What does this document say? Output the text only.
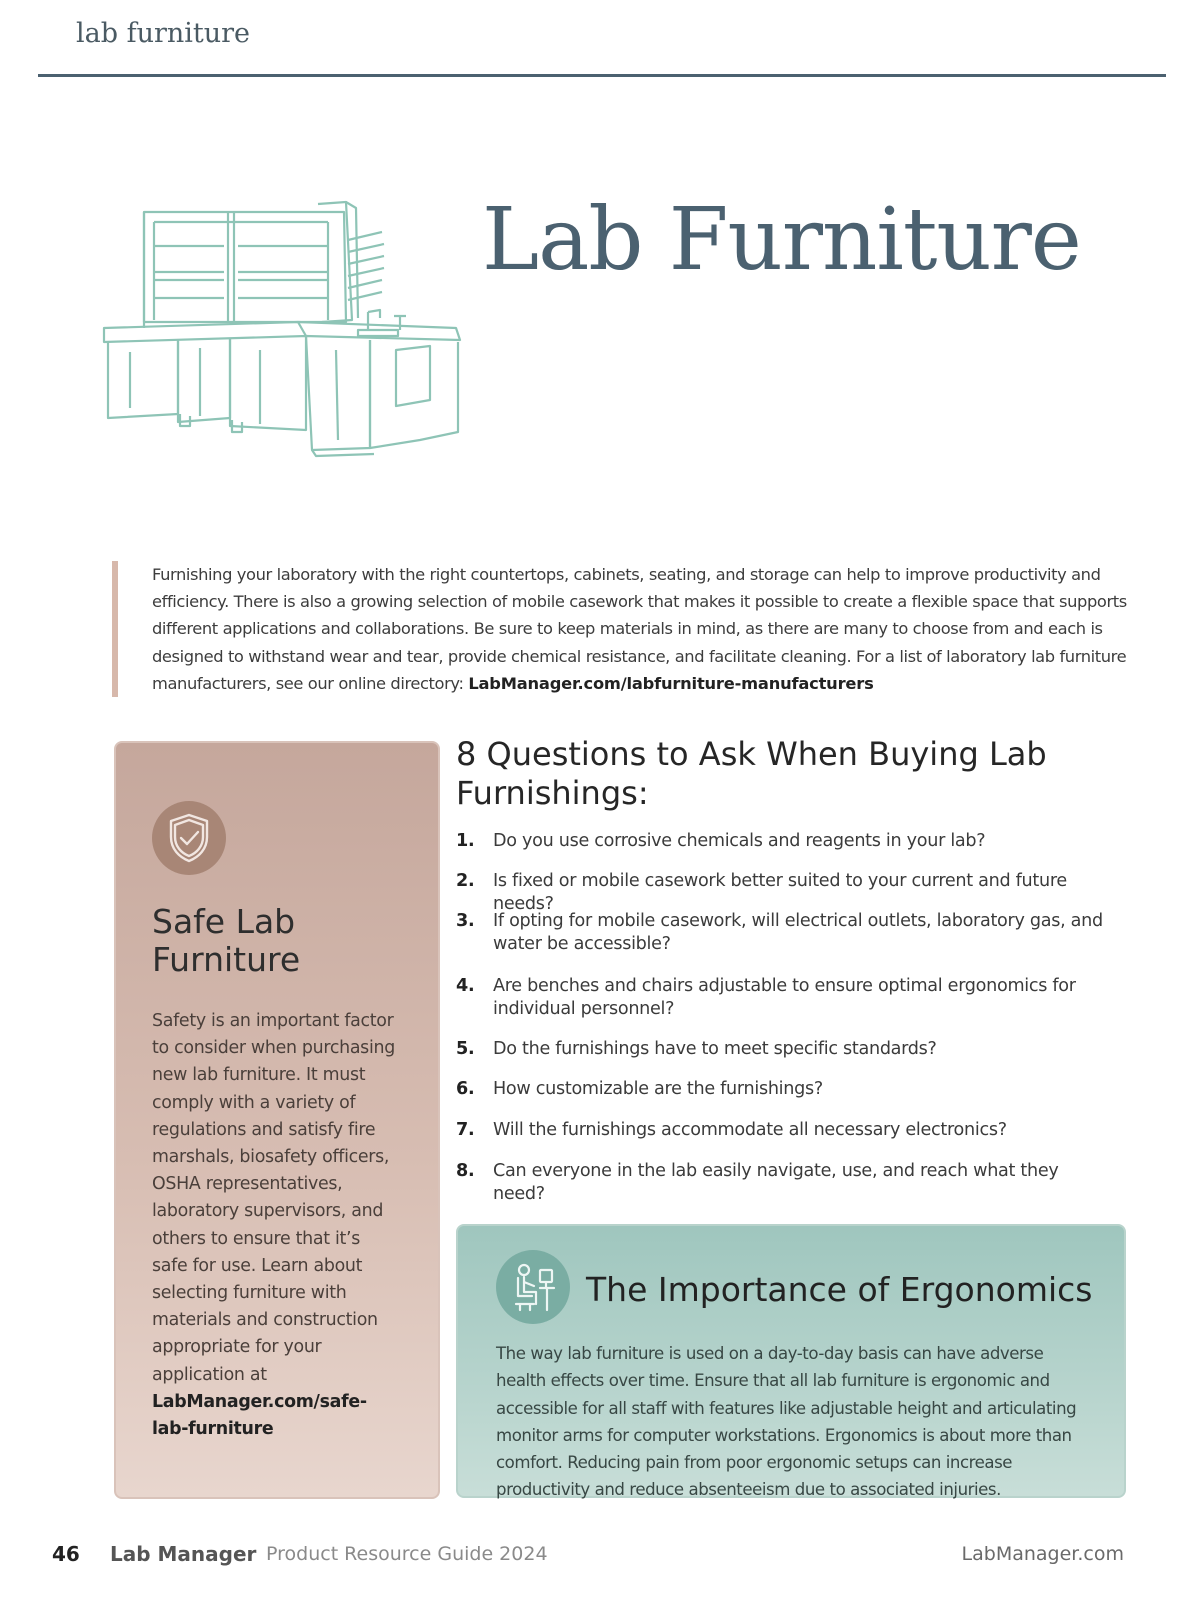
lab furniture
Lab Furniture
Furnishing your laboratory with the right countertops, cabinets, seating, and storage can help to improve productivity and efficiency. There is also a growing selection of mobile casework that makes it possible to create a flexible space that supports different applications and collaborations. Be sure to keep materials in mind, as there are many to choose from and each is designed to withstand wear and tear, provide chemical resistance, and facilitate cleaning. For a list of laboratory lab furniture manufacturers, see our online directory: LabManager.com/labfurniture-manufacturers
Safe Lab Furniture
Safety is an important factor to consider when purchasing new lab furniture. It must comply with a variety of regulations and satisfy fire marshals, biosafety officers, OSHA representatives, laboratory supervisors, and others to ensure that it’s safe for use. Learn about selecting furniture with materials and construction appropriate for your application at LabManager.com/safe-lab-furniture
8 Questions to Ask When Buying Lab Furnishings:
1. Do you use corrosive chemicals and reagents in your lab?
2. Is fixed or mobile casework better suited to your current and future needs?
3. If opting for mobile casework, will electrical outlets, laboratory gas, and water be accessible?
4. Are benches and chairs adjustable to ensure optimal ergonomics for individual personnel?
5. Do the furnishings have to meet specific standards?
6. How customizable are the furnishings?
7. Will the furnishings accommodate all necessary electronics?
8. Can everyone in the lab easily navigate, use, and reach what they need?
The Importance of Ergonomics
The way lab furniture is used on a day-to-day basis can have adverse health effects over time. Ensure that all lab furniture is ergonomic and accessible for all staff with features like adjustable height and articulating monitor arms for computer workstations. Ergonomics is about more than comfort. Reducing pain from poor ergonomic setups can increase productivity and reduce absenteeism due to associated injuries.
46 Lab Manager Product Resource Guide 2024	LabManager.com
